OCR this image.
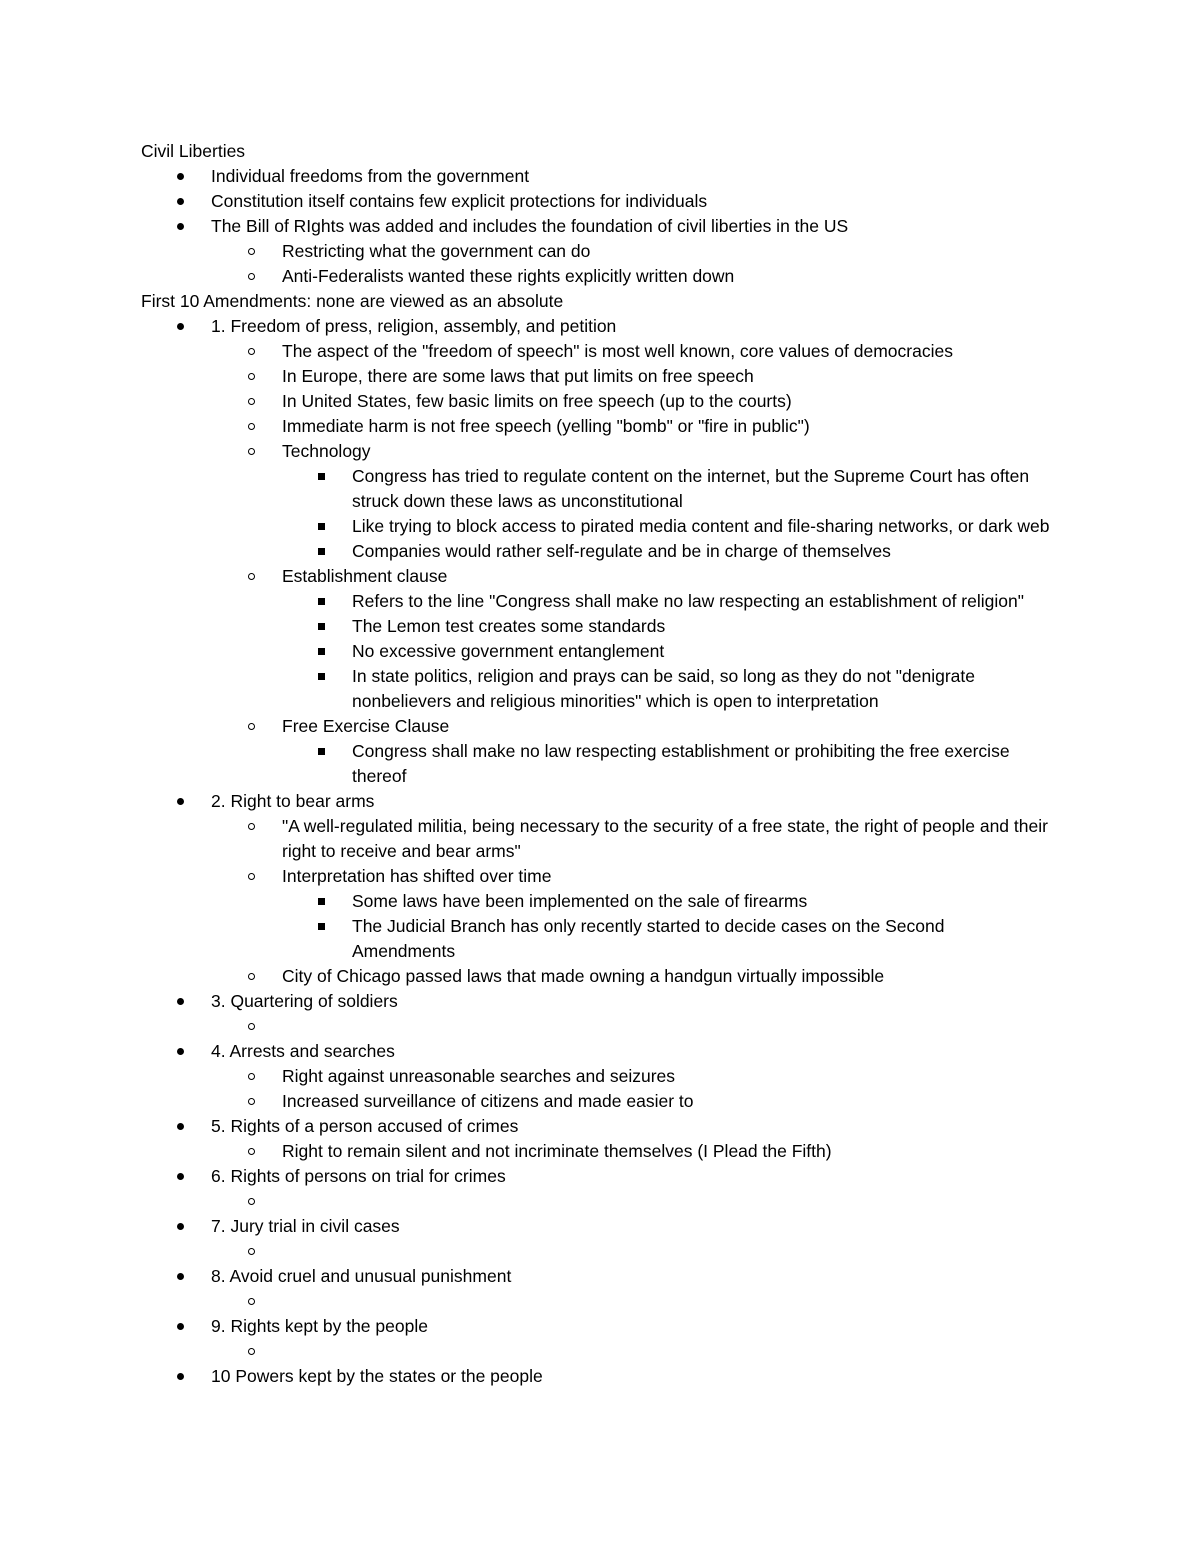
Civil Liberties
Individual freedoms from the government
Constitution itself contains few explicit protections for individuals
The Bill of RIghts was added and includes the foundation of civil liberties in the US
Restricting what the government can do
Anti-Federalists wanted these rights explicitly written down
First 10 Amendments: none are viewed as an absolute
1. Freedom of press, religion, assembly, and petition
The aspect of the "freedom of speech" is most well known, core values of democracies
In Europe, there are some laws that put limits on free speech
In United States, few basic limits on free speech (up to the courts)
Immediate harm is not free speech (yelling "bomb" or "fire in public")
Technology
Congress has tried to regulate content on the internet, but the Supreme Court has often
struck down these laws as unconstitutional
Like trying to block access to pirated media content and file-sharing networks, or dark web
Companies would rather self-regulate and be in charge of themselves
Establishment clause
Refers to the line "Congress shall make no law respecting an establishment of religion"
The Lemon test creates some standards
No excessive government entanglement
In state politics, religion and prays can be said, so long as they do not "denigrate
nonbelievers and religious minorities" which is open to interpretation
Free Exercise Clause
Congress shall make no law respecting establishment or prohibiting the free exercise
thereof
2. Right to bear arms
"A well-regulated militia, being necessary to the security of a free state, the right of people and their
right to receive and bear arms"
Interpretation has shifted over time
Some laws have been implemented on the sale of firearms
The Judicial Branch has only recently started to decide cases on the Second
Amendments
City of Chicago passed laws that made owning a handgun virtually impossible
3. Quartering of soldiers
4. Arrests and searches
Right against unreasonable searches and seizures
Increased surveillance of citizens and made easier to
5. Rights of a person accused of crimes
Right to remain silent and not incriminate themselves (I Plead the Fifth)
6. Rights of persons on trial for crimes
7. Jury trial in civil cases
8. Avoid cruel and unusual punishment
9. Rights kept by the people
10 Powers kept by the states or the people
